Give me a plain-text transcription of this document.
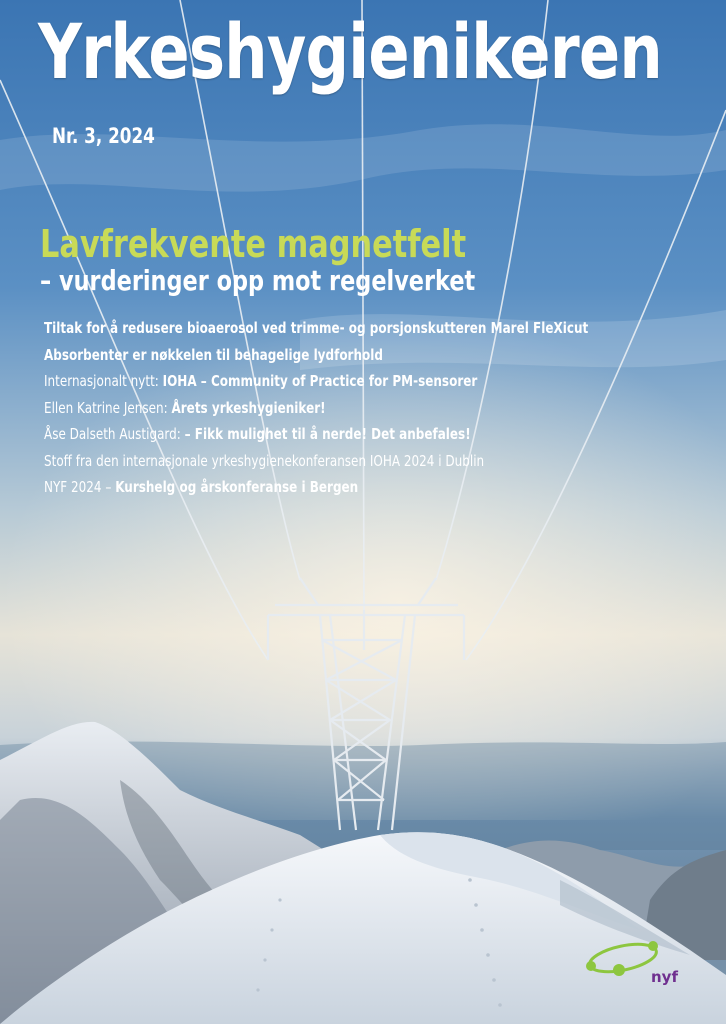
Yrkeshygienikeren
Nr. 3, 2024
Lavfrekvente magnetfelt
– vurderinger opp mot regelverket
Tiltak for å redusere bioaerosol ved trimme- og porsjonskutteren Marel FleXicut
Absorbenter er nøkkelen til behagelige lydforhold
Internasjonalt nytt: IOHA – Community of Practice for PM-sensorer
Ellen Katrine Jensen: Årets yrkeshygieniker!
Åse Dalseth Austigard: – Fikk mulighet til å nerde! Det anbefales!
Stoff fra den internasjonale yrkeshygienekonferansen IOHA 2024 i Dublin
NYF 2024 – Kurshelg og årskonferanse i Bergen
nyf
